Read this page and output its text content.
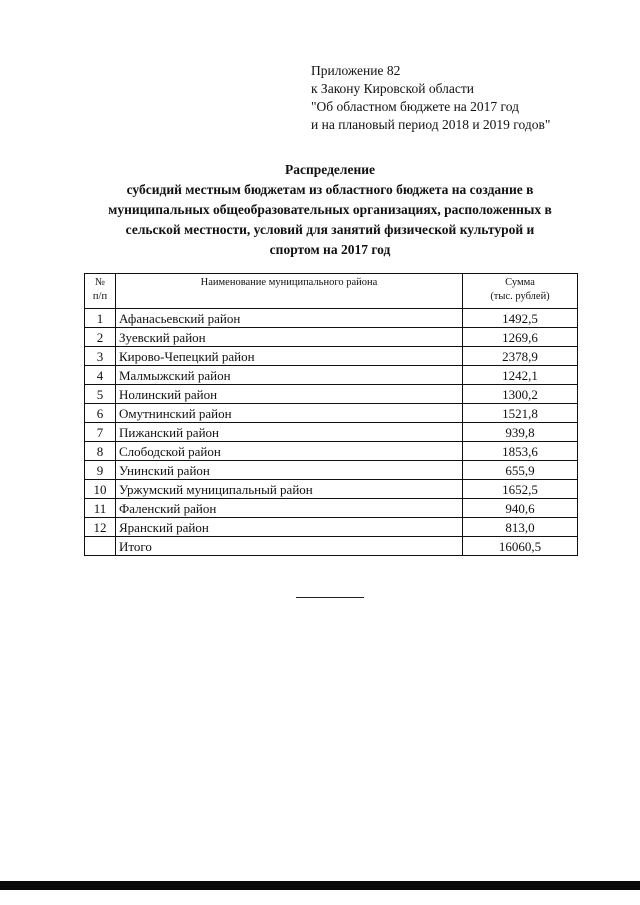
Приложение 82
к Закону Кировской области
"Об областном бюджете на 2017 год
и на плановый период 2018 и 2019 годов"
Распределение
субсидий местным бюджетам из областного бюджета на создание в
муниципальных общеобразовательных организациях, расположенных в
сельской местности, условий для занятий физической культурой и
спортом на 2017 год
№
п/п	Наименование муниципального района	Сумма
(тыс. рублей)

1	Афанасьевский район	1492,5
2	Зуевский район	1269,6
3	Кирово-Чепецкий район	2378,9
4	Малмыжский район	1242,1
5	Нолинский район	1300,2
6	Омутнинский район	1521,8
7	Пижанский район	939,8
8	Слободской район	1853,6
9	Унинский район	655,9
10	Уржумский муниципальный район	1652,5
11	Фаленский район	940,6
12	Яранский район	813,0
	Итого	16060,5
